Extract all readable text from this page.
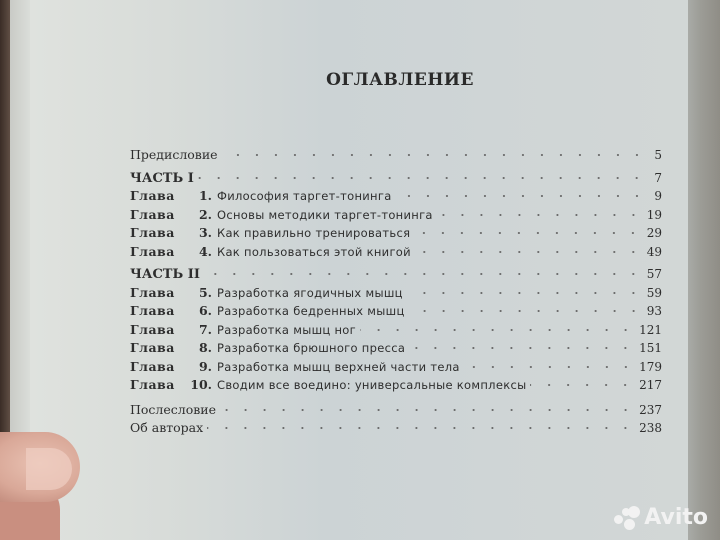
ОГЛАВЛЕНИЕ
Предисловие	5
ЧАСТЬ I	7
Глава	1. Философия таргет-тонинга	9
Глава	2. Основы методики таргет-тонинга	19
Глава	3. Как правильно тренироваться	29
Глава	4. Как пользоваться этой книгой	49
ЧАСТЬ II	57
Глава	5. Разработка ягодичных мышц	59
Глава	6. Разработка бедренных мышц	93
Глава	7. Разработка мышц ног	121
Глава	8. Разработка брюшного пресса	151
Глава	9. Разработка мышц верхней части тела	179
Глава	10. Сводим все воедино: универсальные комплексы	217
Послесловие	237
Об авторах	238
Avito
